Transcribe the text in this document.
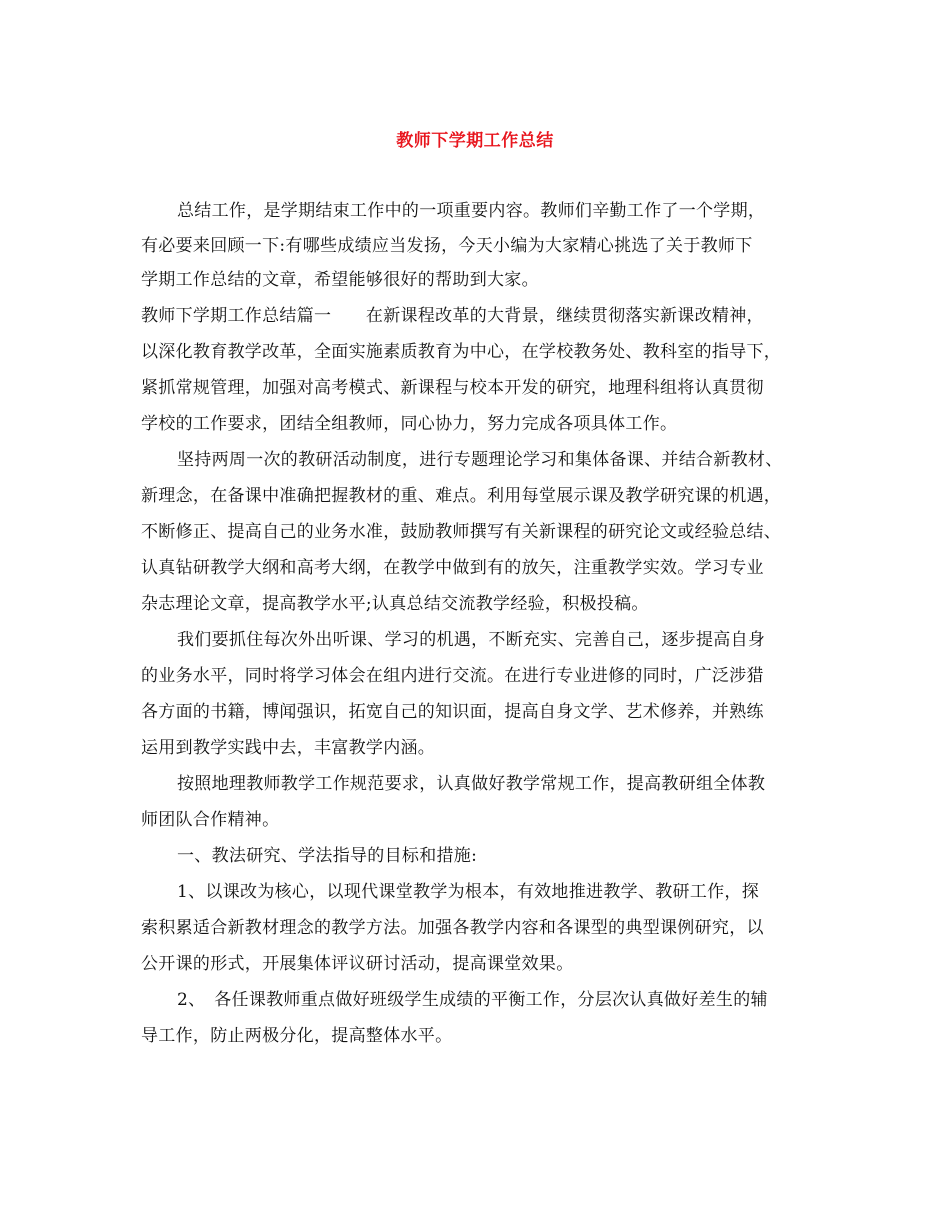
教师下学期工作总结
总结工作，是学期结束工作中的一项重要内容。教师们辛勤工作了一个学期，
有必要来回顾一下:有哪些成绩应当发扬，今天小编为大家精心挑选了关于教师下
学期工作总结的文章，希望能够很好的帮助到大家。
教师下学期工作总结篇一　　在新课程改革的大背景，继续贯彻落实新课改精神，
以深化教育教学改革，全面实施素质教育为中心，在学校教务处、教科室的指导下，
紧抓常规管理，加强对高考模式、新课程与校本开发的研究，地理科组将认真贯彻
学校的工作要求，团结全组教师，同心协力，努力完成各项具体工作。
坚持两周一次的教研活动制度，进行专题理论学习和集体备课、并结合新教材、
新理念，在备课中准确把握教材的重、难点。利用每堂展示课及教学研究课的机遇，
不断修正、提高自己的业务水准，鼓励教师撰写有关新课程的研究论文或经验总结、
认真钻研教学大纲和高考大纲，在教学中做到有的放矢，注重教学实效。学习专业
杂志理论文章，提高教学水平;认真总结交流教学经验，积极投稿。
我们要抓住每次外出听课、学习的机遇，不断充实、完善自己，逐步提高自身
的业务水平，同时将学习体会在组内进行交流。在进行专业进修的同时，广泛涉猎
各方面的书籍，博闻强识，拓宽自己的知识面，提高自身文学、艺术修养，并熟练
运用到教学实践中去，丰富教学内涵。
按照地理教师教学工作规范要求，认真做好教学常规工作，提高教研组全体教
师团队合作精神。
一、教法研究、学法指导的目标和措施:
1、以课改为核心，以现代课堂教学为根本，有效地推进教学、教研工作，探
索积累适合新教材理念的教学方法。加强各教学内容和各课型的典型课例研究，以
公开课的形式，开展集体评议研讨活动，提高课堂效果。
2、　各任课教师重点做好班级学生成绩的平衡工作，分层次认真做好差生的辅
导工作，防止两极分化，提高整体水平。
